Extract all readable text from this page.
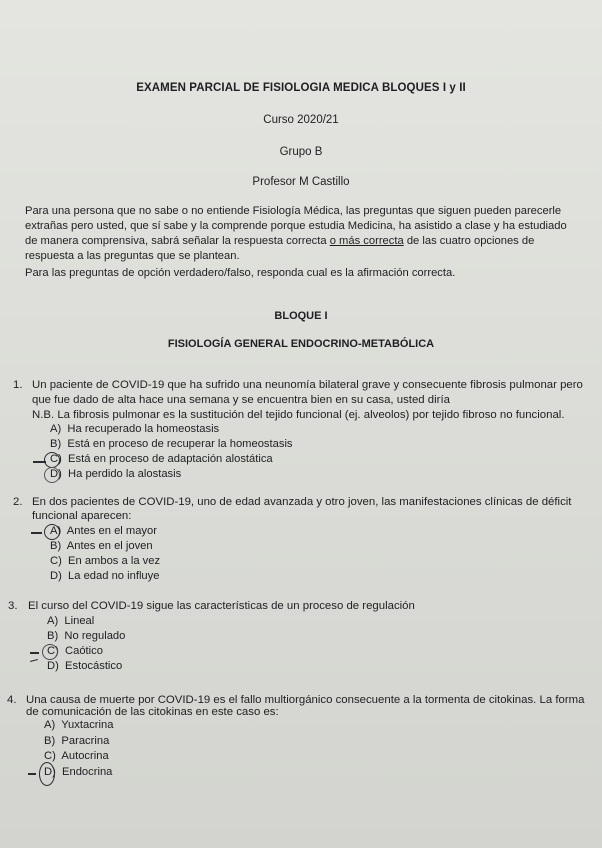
EXAMEN PARCIAL DE FISIOLOGIA MEDICA BLOQUES I y II
Curso 2020/21
Grupo B
Profesor M Castillo
Para una persona que no sabe o no entiende Fisiología Médica, las preguntas que siguen pueden parecerle
extrañas pero usted, que sí sabe y la comprende porque estudia Medicina, ha asistido a clase y ha estudiado
de manera comprensiva, sabrá señalar la respuesta correcta o más correcta de las cuatro opciones de
respuesta a las preguntas que se plantean.
Para las preguntas de opción verdadero/falso, responda cual es la afirmación correcta.
BLOQUE I
FISIOLOGÍA GENERAL ENDOCRINO-METABÓLICA
1. Un paciente de COVID-19 que ha sufrido una neunomía bilateral grave y consecuente fibrosis pulmonar pero
que fue dado de alta hace una semana y se encuentra bien en su casa, usted diría
N.B. La fibrosis pulmonar es la sustitución del tejido funcional (ej. alveolos) por tejido fibroso no funcional.
A) Ha recuperado la homeostasis
B) Está en proceso de recuperar la homeostasis
C) Está en proceso de adaptación alostática
D) Ha perdido la alostasis
2. En dos pacientes de COVID-19, uno de edad avanzada y otro joven, las manifestaciones clínicas de déficit
funcional aparecen:
A) Antes en el mayor
B) Antes en el joven
C) En ambos a la vez
D) La edad no influye
3. El curso del COVID-19 sigue las características de un proceso de regulación
A) Lineal
B) No regulado
C) Caótico
D) Estocástico
4. Una causa de muerte por COVID-19 es el fallo multiorgánico consecuente a la tormenta de citokinas. La forma
de comunicación de las citokinas en este caso es:
A) Yuxtacrina
B) Paracrina
C) Autocrina
D) Endocrina
